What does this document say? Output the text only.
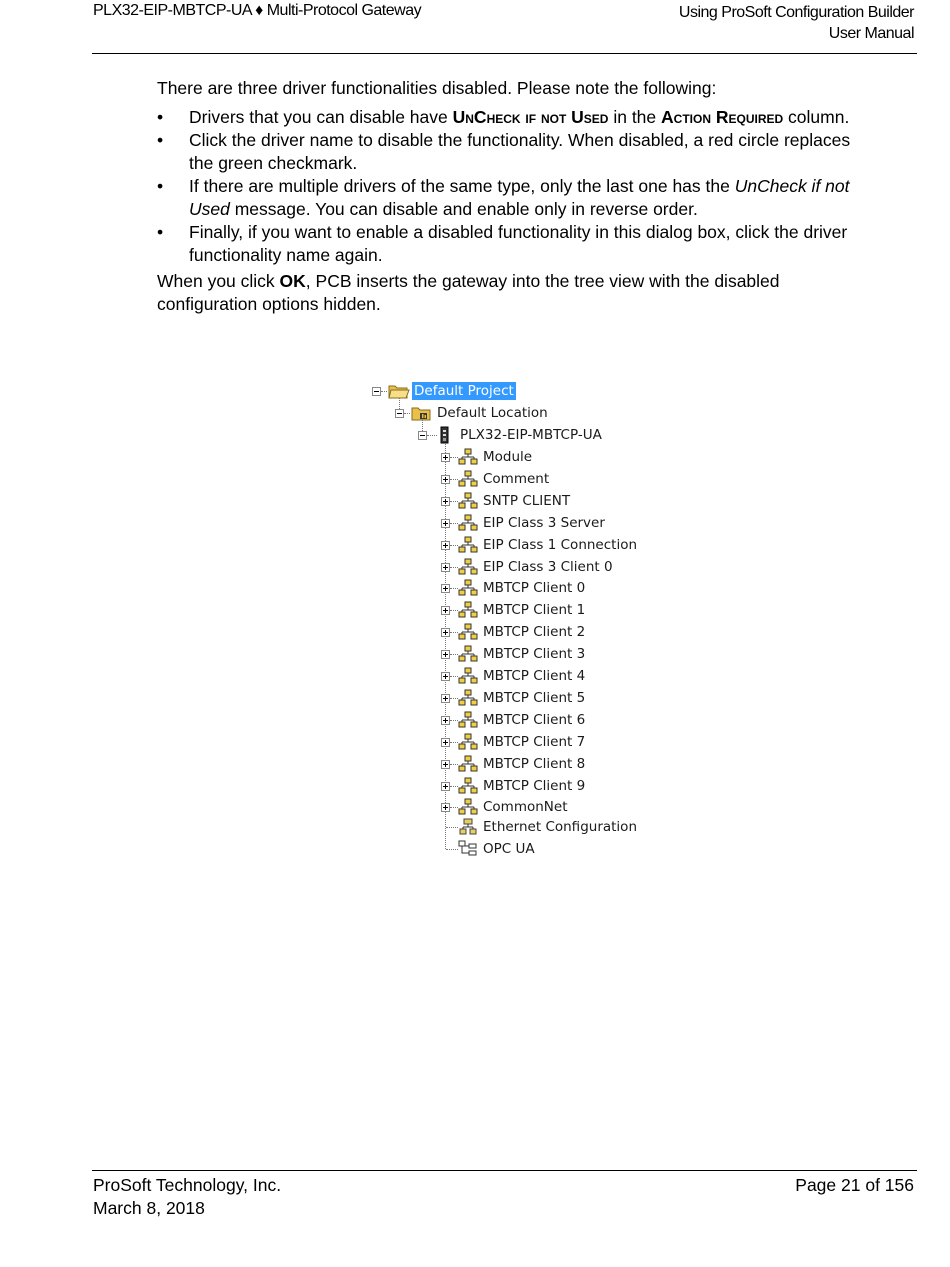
PLX32-EIP-MBTCP-UA ♦ Multi-Protocol Gateway	Using ProSoft Configuration Builder
User Manual

There are three driver functionalities disabled. Please note the following:

• Drivers that you can disable have UnCheck if not Used in the Action Required column.
• Click the driver name to disable the functionality. When disabled, a red circle replaces the green checkmark.
• If there are multiple drivers of the same type, only the last one has the UnCheck if not Used message. You can disable and enable only in reverse order.
• Finally, if you want to enable a disabled functionality in this dialog box, click the driver functionality name again.

When you click OK, PCB inserts the gateway into the tree view with the disabled configuration options hidden.

Default Project
Default Location
PLX32-EIP-MBTCP-UA
Module
Comment
SNTP CLIENT
EIP Class 3 Server
EIP Class 1 Connection
EIP Class 3 Client 0
MBTCP Client 0
MBTCP Client 1
MBTCP Client 2
MBTCP Client 3
MBTCP Client 4
MBTCP Client 5
MBTCP Client 6
MBTCP Client 7
MBTCP Client 8
MBTCP Client 9
CommonNet
Ethernet Configuration
OPC UA
ProSoft Technology, Inc.
March 8, 2018
Page 21 of 156
